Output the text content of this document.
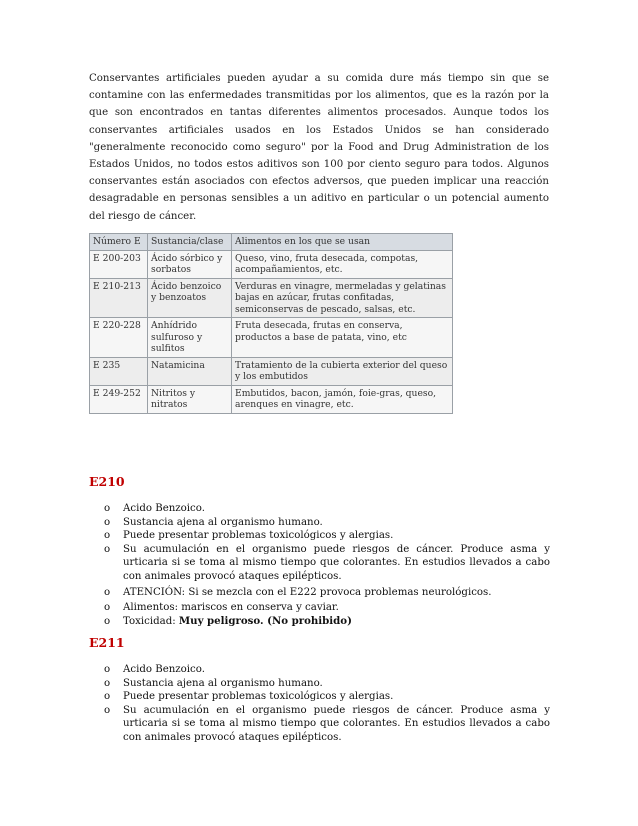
Conservantes artificiales pueden ayudar a su comida dure más tiempo sin que se contamine con las enfermedades transmitidas por los alimentos, que es la razón por la que son encontrados en tantas diferentes alimentos procesados. Aunque todos los conservantes artificiales usados en los Estados Unidos se han considerado "generalmente reconocido como seguro" por la Food and Drug Administration de los Estados Unidos, no todos estos aditivos son 100 por ciento seguro para todos. Algunos conservantes están asociados con efectos adversos, que pueden implicar una reacción desagradable en personas sensibles a un aditivo en particular o un potencial aumento del riesgo de cáncer.

Número E	Sustancia/clase	Alimentos en los que se usan
E 200-203	Ácido sórbico y sorbatos	Queso, vino, fruta desecada, compotas, acompañamientos, etc.
E 210-213	Ácido benzoico y benzoatos	Verduras en vinagre, mermeladas y gelatinas bajas en azúcar, frutas confitadas, semiconservas de pescado, salsas, etc.
E 220-228	Anhídrido sulfuroso y sulfitos	Fruta desecada, frutas en conserva, productos a base de patata, vino, etc
E 235	Natamicina	Tratamiento de la cubierta exterior del queso y los embutidos
E 249-252	Nitritos y nitratos	Embutidos, bacon, jamón, foie-gras, queso, arenques en vinagre, etc.
E210
o Acido Benzoico.
o Sustancia ajena al organismo humano.
o Puede presentar problemas toxicológicos y alergias.
o Su acumulación en el organismo puede riesgos de cáncer. Produce asma y urticaria si se toma al mismo tiempo que colorantes. En estudios llevados a cabo con animales provocó ataques epilépticos.
o ATENCIÓN: Si se mezcla con el E222 provoca problemas neurológicos.
o Alimentos: mariscos en conserva y caviar.
o Toxicidad: Muy peligroso. (No prohibido)
E211
o Acido Benzoico.
o Sustancia ajena al organismo humano.
o Puede presentar problemas toxicológicos y alergias.
o Su acumulación en el organismo puede riesgos de cáncer. Produce asma y urticaria si se toma al mismo tiempo que colorantes. En estudios llevados a cabo con animales provocó ataques epilépticos.
